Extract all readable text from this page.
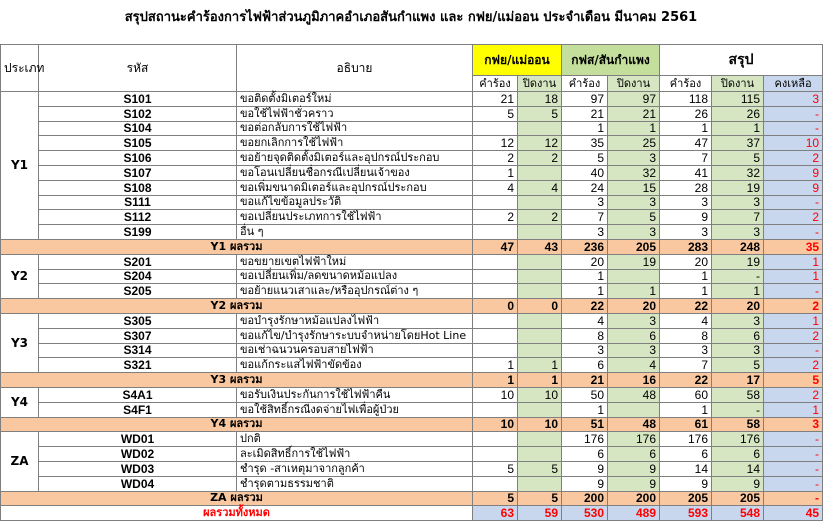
สรุปสถานะคำร้องการไฟฟ้าส่วนภูมิภาคอำเภอสันกำแพง และ กฟย/แม่ออน ประจำเดือน มีนาคม 2561
ประเภท	รหัส	อธิบาย	กฟย/แม่ออน		กฟส/สันกำแพง		สรุป		
			คำร้อง	ปิดงาน	คำร้อง	ปิดงาน	คำร้อง	ปิดงาน	คงเหลือ
Y1	S101	ขอติดตั้งมิเตอร์ใหม่	21	18	97	97	118	115	3
	S102	ขอใช้ไฟฟ้าชั่วคราว	5	5	21	21	26	26	-
	S104	ขอต่อกลับการใช้ไฟฟ้า			1	1	1	1	-
	S105	ขอยกเลิกการใช้ไฟฟ้า	12	12	35	25	47	37	10
	S106	ขอย้ายจุดติดตั้งมิเตอร์และอุปกรณ์ประกอบ	2	2	5	3	7	5	2
	S107	ขอโอนเปลี่ยนชื่อกรณีเปลี่ยนเจ้าของ	1		40	32	41	32	9
	S108	ขอเพิ่มขนาดมิเตอร์และอุปกรณ์ประกอบ	4	4	24	15	28	19	9
	S111	ขอแก้ไขข้อมูลประวัติ			3	3	3	3	-
	S112	ขอเปลี่ยนประเภทการใช้ไฟฟ้า	2	2	7	5	9	7	2
	S199	อื่น ๆ			3	3	3	3	-
Y1 ผลรวม			47	43	236	205	283	248	35
Y2	S201	ขอขยายเขตไฟฟ้าใหม่			20	19	20	19	1
	S204	ขอเปลี่ยนเพิ่ม/ลดขนาดหม้อแปลง			1		1	-	1
	S205	ขอย้ายแนวเสาและ/หรืออุปกรณ์ต่าง ๆ			1	1	1	1	-
Y2 ผลรวม			0	0	22	20	22	20	2
Y3	S305	ขอบำรุงรักษาหม้อแปลงไฟฟ้า			4	3	4	3	1
	S307	ขอแก้ไข/บำรุงรักษาระบบจำหน่ายโดยHot Line			8	6	8	6	2
	S314	ขอเช่าฉนวนครอบสายไฟฟ้า			3	3	3	3	-
	S321	ขอแก้กระแสไฟฟ้าขัดข้อง	1	1	6	4	7	5	2
Y3 ผลรวม			1	1	21	16	22	17	5
Y4	S4A1	ขอรับเงินประกันการใช้ไฟฟ้าคืน	10	10	50	48	60	58	2
	S4F1	ขอใช้สิทธิ์กรณีงดจ่ายไฟเพื่อผู้ป่วย			1		1	-	1
Y4 ผลรวม			10	10	51	48	61	58	3
ZA	WD01	ปกติ			176	176	176	176	-
	WD02	ละเมิดสิทธิ์การใช้ไฟฟ้า			6	6	6	6	-
	WD03	ชำรุด -สาเหตุมาจากลูกค้า	5	5	9	9	14	14	-
	WD04	ชำรุดตามธรรมชาติ			9	9	9	9	-
ZA ผลรวม			5	5	200	200	205	205	-
ผลรวมทั้งหมด			63	59	530	489	593	548	45
